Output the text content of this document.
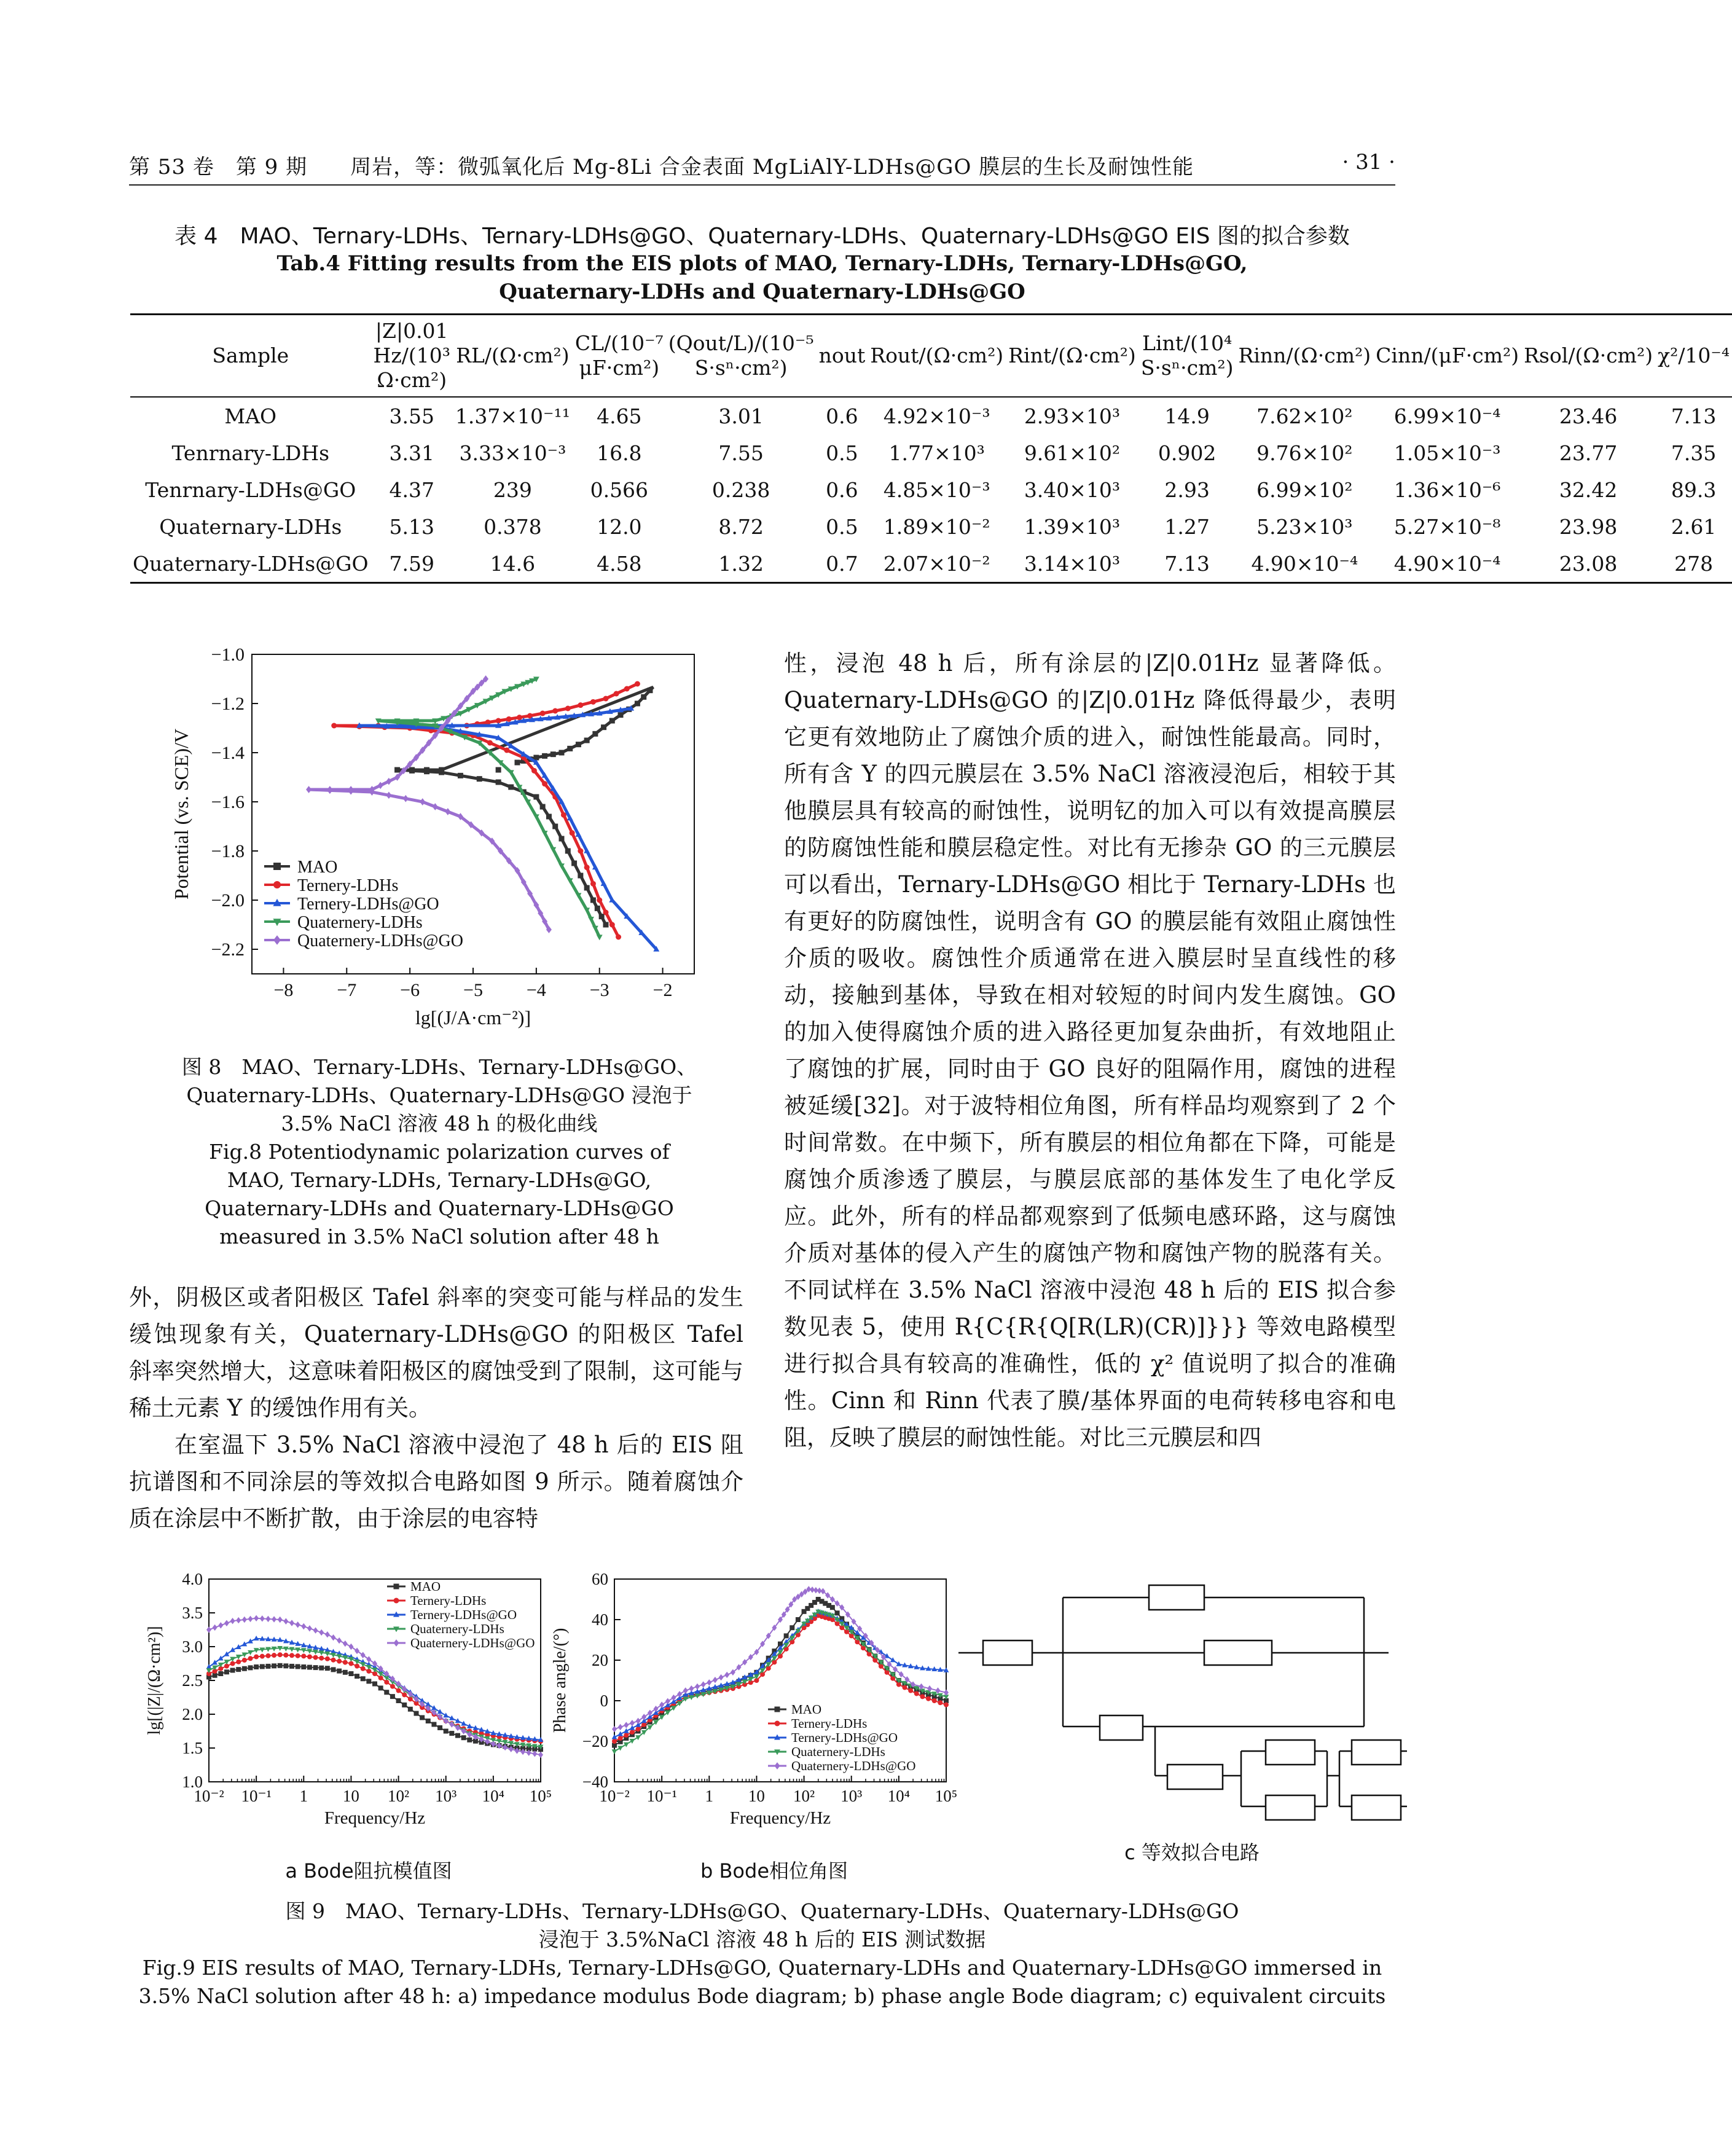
第 53 卷　第 9 期　　周岩，等：微弧氧化后 Mg-8Li 合金表面 MgLiAlY-LDHs@GO 膜层的生长及耐蚀性能	· 31 ·
表 4　MAO、Ternary-LDHs、Ternary-LDHs@GO、Quaternary-LDHs、Quaternary-LDHs@GO EIS 图的拟合参数
Tab.4 Fitting results from the EIS plots of MAO, Ternary-LDHs, Ternary-LDHs@GO,
Quaternary-LDHs and Quaternary-LDHs@GO
Sample	|Z|0.01 Hz/(10³ Ω·cm²)	RL/(Ω·cm²)	CL/(10⁻⁷ μF·cm²)	(Qout/L)/(10⁻⁵ S·sⁿ·cm²)	nout	Rout/(Ω·cm²)	Rint/(Ω·cm²)	Lint/(10⁴ S·sⁿ·cm²)	Rinn/(Ω·cm²)	Cinn/(μF·cm²)	Rsol/(Ω·cm²)	χ²/10⁻⁴
MAO	3.55	1.37×10⁻¹¹	4.65	3.01	0.6	4.92×10⁻³	2.93×10³	14.9	7.62×10²	6.99×10⁻⁴	23.46	7.13
Tenrnary-LDHs	3.31	3.33×10⁻³	16.8	7.55	0.5	1.77×10³	9.61×10²	0.902	9.76×10²	1.05×10⁻³	23.77	7.35
Tenrnary-LDHs@GO	4.37	239	0.566	0.238	0.6	4.85×10⁻³	3.40×10³	2.93	6.99×10²	1.36×10⁻⁶	32.42	89.3
Quaternary-LDHs	5.13	0.378	12.0	8.72	0.5	1.89×10⁻²	1.39×10³	1.27	5.23×10³	5.27×10⁻⁸	23.98	2.61
Quaternary-LDHs@GO	7.59	14.6	4.58	1.32	0.7	2.07×10⁻²	3.14×10³	7.13	4.90×10⁻⁴	4.90×10⁻⁴	23.08	278
−8 −7 −6 −5 −4 −3 −2
−1.0
−1.2
−1.4
−1.6
−1.8
−2.0
−2.2
lg[(J/A·cm⁻²)]
Potential (vs. SCE)/V	MAO
Ternery-LDHs
Ternery-LDHs@GO
Quaternery-LDHs
Quaternery-LDHs@GO
图 8　MAO、Ternary-LDHs、Ternary-LDHs@GO、
Quaternary-LDHs、Quaternary-LDHs@GO 浸泡于
3.5% NaCl 溶液 48 h 的极化曲线
Fig.8 Potentiodynamic polarization curves of
MAO, Ternary-LDHs, Ternary-LDHs@GO,
Quaternary-LDHs and Quaternary-LDHs@GO
measured in 3.5% NaCl solution after 48 h
外，阴极区或者阳极区 Tafel 斜率的突变可能与样品的发生缓蚀现象有关，Quaternary-LDHs@GO 的阳极区 Tafel 斜率突然增大，这意味着阳极区的腐蚀受到了限制，这可能与稀土元素 Y 的缓蚀作用有关。
在室温下 3.5% NaCl 溶液中浸泡了 48 h 后的 EIS 阻抗谱图和不同涂层的等效拟合电路如图 9 所示。随着腐蚀介质在涂层中不断扩散，由于涂层的电容特
性，浸泡 48 h 后，所有涂层的|Z|0.01Hz 显著降低。Quaternary-LDHs@GO 的|Z|0.01Hz 降低得最少，表明它更有效地防止了腐蚀介质的进入，耐蚀性能最高。同时，所有含 Y 的四元膜层在 3.5% NaCl 溶液浸泡后，相较于其他膜层具有较高的耐蚀性，说明钇的加入可以有效提高膜层的防腐蚀性能和膜层稳定性。对比有无掺杂 GO 的三元膜层可以看出，Ternary-LDHs@GO 相比于 Ternary-LDHs 也有更好的防腐蚀性，说明含有 GO 的膜层能有效阻止腐蚀性介质的吸收。腐蚀性介质通常在进入膜层时呈直线性的移动，接触到基体，导致在相对较短的时间内发生腐蚀。GO 的加入使得腐蚀介质的进入路径更加复杂曲折，有效地阻止了腐蚀的扩展，同时由于 GO 良好的阻隔作用，腐蚀的进程被延缓[32]。对于波特相位角图，所有样品均观察到了 2 个时间常数。在中频下，所有膜层的相位角都在下降，可能是腐蚀介质渗透了膜层，与膜层底部的基体发生了电化学反应。此外，所有的样品都观察到了低频电感环路，这与腐蚀介质对基体的侵入产生的腐蚀产物和腐蚀产物的脱落有关。不同试样在 3.5% NaCl 溶液中浸泡 48 h 后的 EIS 拟合参数见表 5，使用 R{C{R{Q[R(LR)(CR)]}}} 等效电路模型进行拟合具有较高的准确性，低的 χ² 值说明了拟合的准确性。Cinn 和 Rinn 代表了膜/基体界面的电荷转移电容和电阻，反映了膜层的耐蚀性能。对比三元膜层和四
10⁻² 10⁻¹ 1 10 10² 10³ 10⁴ 10⁵
1.0
1.5
2.0
2.5
3.0
3.5
4.0
Frequency/Hz
lg[(|Z|/(Ω·cm²)]
MAO
Ternery-LDHs
Ternery-LDHs@GO
Quaternery-LDHs
Quaternery-LDHs@GO
10⁻² 10⁻¹ 1 10 10² 10³ 10⁴ 10⁵
−40
−20
0
20
40
60
Frequency/Hz
Phase angle/(°)	MAO
Ternery-LDHs
Ternery-LDHs@GO
Quaternery-LDHs
Quaternery-LDHs@GO
a Bode阻抗模值图	b Bode相位角图
c 等效拟合电路
图 9　MAO、Ternary-LDHs、Ternary-LDHs@GO、Quaternary-LDHs、Quaternary-LDHs@GO
浸泡于 3.5%NaCl 溶液 48 h 后的 EIS 测试数据
Fig.9 EIS results of MAO, Ternary-LDHs, Ternary-LDHs@GO, Quaternary-LDHs and Quaternary-LDHs@GO immersed in
3.5% NaCl solution after 48 h: a) impedance modulus Bode diagram; b) phase angle Bode diagram; c) equivalent circuits
